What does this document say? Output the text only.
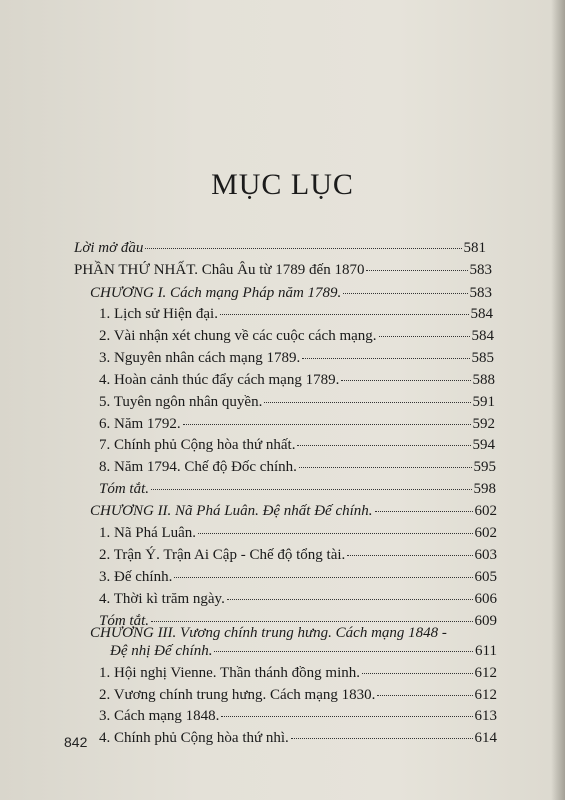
MỤC LỤC
Lời mở đầu	581
PHẦN THỨ NHẤT. Châu Âu từ 1789 đến 1870	583
CHƯƠNG I. Cách mạng Pháp năm 1789.	583
1. Lịch sử Hiện đại.	584
2. Vài nhận xét chung về các cuộc cách mạng.	584
3. Nguyên nhân cách mạng 1789.	585
4. Hoàn cảnh thúc đẩy cách mạng 1789.	588
5. Tuyên ngôn nhân quyền.	591
6. Năm 1792.	592
7. Chính phủ Cộng hòa thứ nhất.	594
8. Năm 1794. Chế độ Đốc chính.	595
Tóm tắt.	598
CHƯƠNG II. Nã Phá Luân. Đệ nhất Đế chính.	602
1. Nã Phá Luân.	602
2. Trận Ý. Trận Ai Cập - Chế độ tổng tài.	603
3. Đế chính.	605
4. Thời kì trăm ngày.	606
Tóm tắt.	609
CHƯƠNG III. Vương chính trung hưng. Cách mạng 1848 -
Đệ nhị Đế chính.	611
1. Hội nghị Vienne. Thần thánh đồng minh.	612
2. Vương chính trung hưng. Cách mạng 1830.	612
3. Cách mạng 1848.	613
4. Chính phủ Cộng hòa thứ nhì.	614
842
